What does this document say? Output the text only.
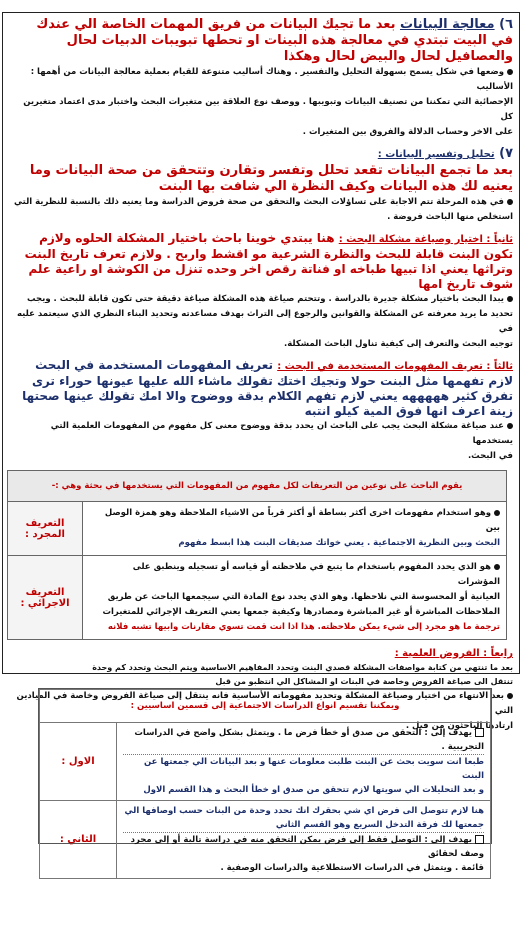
٦) معالجة البيانات بعد ما تجيك البيانات من فريق المهمات الخاصة الي عندك في البيت تبتدي في معالجة هذه البينات او تحطها تبويبات الدبيات لحال والعصافيل لحال والبيض لحال وهكذا

وضعها في شكل يسمح بسهولة التحليل والتفسير . وهناك أساليب متنوعة للقيام بعملية معالجة البيانات من أهمها : الأساليب

الإحصائية التي تمكننا من تصنيف البيانات وتبويبها . ووصف نوع العلاقة بين متغيرات البحث واختبار مدى اعتماد متغيرين كل

على الاخر وحساب الدلالة والفروق بين المتغيرات .

٧) تحليل وتفسير البيانات :
بعد ما تجمع البيانات تقعد تحلل وتفسر وتقارن وتتحقق من صحة البيانات وما يعنيه لك هذه البيانات وكيف النظرة الي شافت بها البنت

في هذه المرحلة تتم الاجابة على تساؤلات البحث والتحقق من صحة فروض الدراسة وما يعنيه ذلك بالنسبة للنظرية التي

استخلص منها الباحث فروضة .

ثانياً : اختيار وصياغة مشكلة البحث : هنا يبتدي خوينا باحث باختيار المشكلة الحلوه ولازم تكون البنت قابلة للبحث والنظرة الشرعية مو اقشط واربح . ولازم تعرف تاريخ البنت وتراثها يعني اذا تبيها طباخه او فناتة رقص اخر وحده تنزل من الكوشة او راعية علم شوف تاريخ امها

يبدا البحث باختيار مشكلة جديرة بالدراسة . وتتحتم صياغة هذه المشكلة صياغة دقيقة حتى تكون قابلة للبحث . ويجب

تحديد ما يريد معرفته عن المشكلة والقوانين والرجوع إلى التراث بهدف مساعدته وتحديد البناء النظري الذي سيعتمد عليه في

توجيه البحث والتعرف إلى كيفية تناول الباحث المشكلة.

ثالثاً : تعريف المفهومات المستخدمة في البحث : تعريف المفهومات المستخدمة في البحث لازم تفهمها مثل البنت حولا وتجيك اختك تقولك ماشاء الله عليها عيونها حوراء ترى تفرق كثير هههههه يعني لازم تفهم الكلام بدقة ووضوح والا امك تقولك عينها صحتها زينة اعرف انها فوق المية كيلو انتبه

عند صياغة مشكلة البحث يجب على الباحث ان يحدد بدقة ووضوح معنى كل مفهوم من المفهومات العلمية التي يستخدمها

في البحث.

يقوم الباحث على نوعين من التعريفات لكل مفهوم من المفهومات التي يستخدمها في بحثة وهي :-	

وهو استخدام مفهومات اخرى أكثر بساطة أو أكثر قرباً من الاشياء الملاحظة وهو همزة الوصل بين
البحث وبين النظرية الاجتماعية . يعني خواتك صديقات البنت هذا ابسط مفهوم	التعريف المجرد :

هو الذي يحدد المفهوم باستخدام ما يتبع في ملاحظته أو قياسه أو تسجيله وينطبق على المؤشرات
العيانية أو المحسوسة التي نلاحظها. وهو الذي يحدد نوع المادة التي سيجمعها الباحث عن طريق
الملاحظات المباشرة أو غير المباشرة ومصادرها وكيفية جمعها يعني التعريف الإجرائي للمتغيرات
ترجمة ما هو مجرد إلى شيء يمكن ملاحظته. هذا اذا انت قمت تسوي مقارنات وابيها تشبه فلانه	التعريف الاجرائي :
رابعاً : الفروض العلمية :

بعد ما تنتهي من كتابة مواصفات المشكلة قصدي البنت وتحدد المفاهيم الاساسية ويتم البحث وتحدد كم وحدة

تنتقل الى صياغة الفروض وخاصة في البنات او المشاكل الي انتظبو من قبل

بعد الانتهاء من اختيار وصياغة المشكلة وتحديد مفهوماته الأساسية فانه ينتقل إلى صياغة الفروض وخاصة في الميادين التي

ارتادها الباحثون من قبل .

ويمكننا تقسيم انواع الدراسات الاجتماعية إلى قسمين اساسيين :	

يهدف إلى : التحقق من صدق أو خطأ فرض ما . ويتمثل بشكل واضح في الدراسات التجريبية .
طبعا انت سويت بحث عن البنت طلبت معلومات عنها و بعد البيانات الي جمعتها عن البنت
و بعد التحليلات الي سويتها لازم تتحقق من صدق او خطأ البحث و هذا القسم الاول	الاول :

هنا لازم تتوصل الى فرض اي شي بحقرك انك تحدد وحدة من البنات حسب اوصافها الي
جمعتها لك فرقة التدخل السريع وهو القسم الثاني
يهدف إلى : التوصل فقط إلى فرض يمكن التحقق منه في دراسة تالية أو إلى مجرد وصف لحقائق
قائمة . ويتمثل في الدراسات الاستطلاعية والدراسات الوصفية .	الثاني :
